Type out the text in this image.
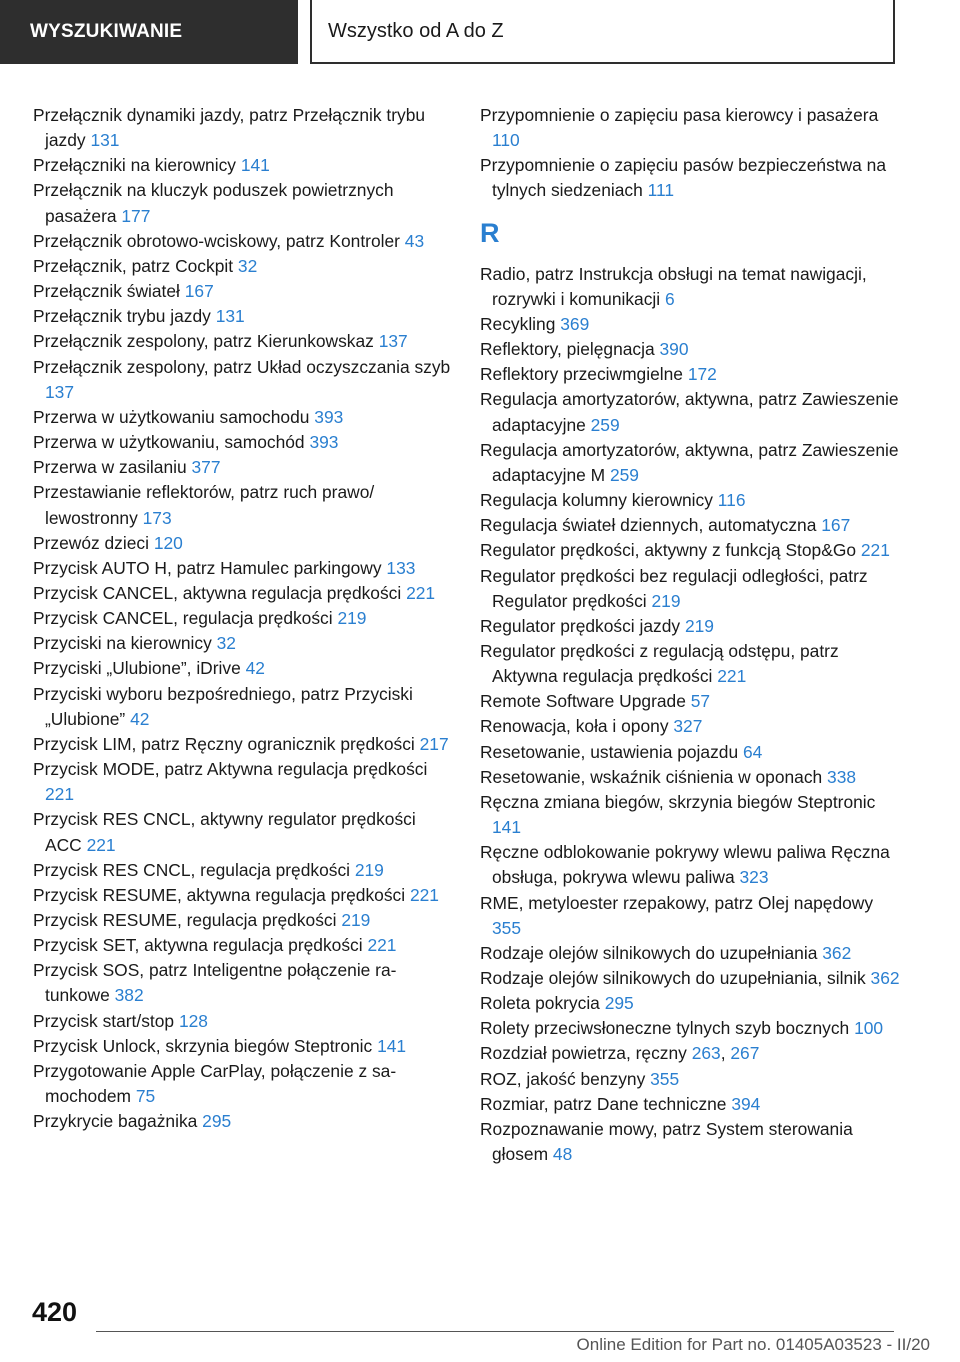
WYSZUKIWANIE	Wszystko od A do Z

Przełącznik dynamiki jazdy, patrz Przełącznik trybu jazdy 131

Przełączniki na kierownicy 141

Przełącznik na kluczyk poduszek powietrznych pasażera 177

Przełącznik obrotowo-wciskowy, patrz Kontroler 43

Przełącznik, patrz Cockpit 32

Przełącznik świateł 167

Przełącznik trybu jazdy 131

Przełącznik zespolony, patrz Kierunkowskaz 137

Przełącznik zespolony, patrz Układ oczyszczania szyb 137

Przerwa w użytkowaniu samochodu 393

Przerwa w użytkowaniu, samochód 393

Przerwa w zasilaniu 377

Przestawianie reflektorów, patrz ruch prawo/​lewostronny 173

Przewóz dzieci 120

Przycisk AUTO H, patrz Hamulec parkingowy 133

Przycisk CANCEL, aktywna regulacja prędkości 221

Przycisk CANCEL, regulacja prędkości 219

Przyciski na kierownicy 32

Przyciski „Ulubione”, iDrive 42

Przyciski wyboru bezpośredniego, patrz Przyciski „Ulubione” 42

Przycisk LIM, patrz Ręczny ogranicznik prędkości 217

Przycisk MODE, patrz Aktywna regulacja prędkości 221

Przycisk RES CNCL, aktywny regulator prędkości ACC 221

Przycisk RES CNCL, regulacja prędkości 219

Przycisk RESUME, aktywna regulacja prędkości 221

Przycisk RESUME, regulacja prędkości 219

Przycisk SET, aktywna regulacja prędkości 221

Przycisk SOS, patrz Inteligentne połączenie ratunkowe 382

Przycisk start/stop 128

Przycisk Unlock, skrzynia biegów Steptronic 141

Przygotowanie Apple CarPlay, połączenie z samochodem 75

Przykrycie bagażnika 295

Przypomnienie o zapięciu pasa kierowcy i pasażera 110

Przypomnienie o zapięciu pasów bezpieczeństwa na tylnych siedzeniach 111

R

Radio, patrz Instrukcja obsługi na temat nawigacji, rozrywki i komunikacji 6

Recykling 369

Reflektory, pielęgnacja 390

Reflektory przeciwmgielne 172

Regulacja amortyzatorów, aktywna, patrz Zawieszenie adaptacyjne 259

Regulacja amortyzatorów, aktywna, patrz Zawieszenie adaptacyjne M 259

Regulacja kolumny kierownicy 116

Regulacja świateł dziennych, automatyczna 167

Regulator prędkości, aktywny z funkcją Stop&Go 221

Regulator prędkości bez regulacji odległości, patrz Regulator prędkości 219

Regulator prędkości jazdy 219

Regulator prędkości z regulacją odstępu, patrz Aktywna regulacja prędkości 221

Remote Software Upgrade 57

Renowacja, koła i opony 327

Resetowanie, ustawienia pojazdu 64

Resetowanie, wskaźnik ciśnienia w oponach 338

Ręczna zmiana biegów, skrzynia biegów Steptronic 141

Ręczne odblokowanie pokrywy wlewu paliwa Ręczna obsługa, pokrywa wlewu paliwa 323

RME, metyloester rzepakowy, patrz Olej napędowy 355

Rodzaje olejów silnikowych do uzupełniania 362

Rodzaje olejów silnikowych do uzupełniania, silnik 362

Roleta pokrycia 295

Rolety przeciwsłoneczne tylnych szyb bocznych 100

Rozdział powietrza, ręczny 263, 267

ROZ, jakość benzyny 355

Rozmiar, patrz Dane techniczne 394

Rozpoznawanie mowy, patrz System sterowania głosem 48

420
Online Edition for Part no. 01405A03523 - II/20
